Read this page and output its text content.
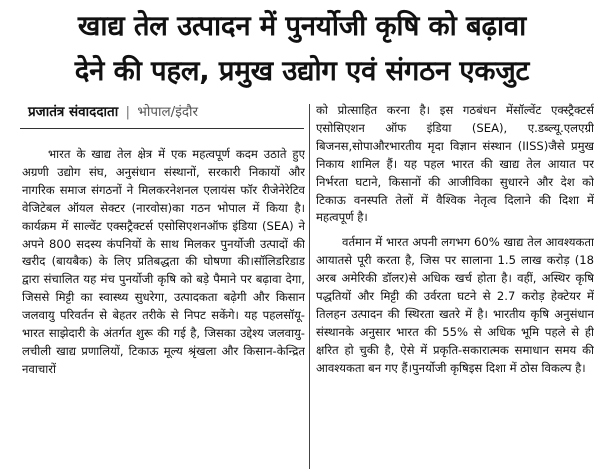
खाद्य तेल उत्पादन में पुनर्योजी कृषि को बढ़ावा
देने की पहल, प्रमुख उद्योग एवं संगठन एकजुट
प्रजातंत्र संवाददाता | भोपाल/इंदौर

भारत के खाद्य तेल क्षेत्र में एक महत्वपूर्ण कदम उठाते हुए अग्रणी उद्योग संघ, अनुसंधान संस्थानों, सरकारी निकायों और नागरिक समाज संगठनों ने मिलकरनेशनल एलायंस फॉर रीजेनेरेटिव वेजिटेबल ऑयल सेक्टर (नारवोस)का गठन भोपाल में किया है।कार्यक्रम में साल्वेंट एक्सट्रैक्टर्स एसोसिएशनऑफ इंडिया (SEA) ने अपने 800 सदस्य कंपनियों के साथ मिलकर पुनर्योजी उत्पादों की खरीद (बायबैक) के लिए प्रतिबद्धता की घोषणा की।सॉलिडरिडाड द्वारा संचालित यह मंच पुनर्योजी कृषि को बड़े पैमाने पर बढ़ावा देगा, जिससे मिट्टी का स्वास्थ्य सुधरेगा, उत्पादकता बढ़ेगी और किसान जलवायु परिवर्तन से बेहतर तरीके से निपट सकेंगे। यह पहलसॉयू-भारत साझेदारी के अंतर्गत शुरू की गई है, जिसका उद्देश्य जलवायु-लचीली खाद्य प्रणालियों, टिकाऊ मूल्य श्रृंखला और किसान-केन्द्रित नवाचारों

को प्रोत्साहित करना है। इस गठबंधन मेंसॉल्वेंट एक्स्ट्रैक्टर्स एसोसिएशन ऑफ इंडिया (SEA), ए.डब्ल्यू.एलएग्री बिजनस,सोपाऔरभारतीय मृदा विज्ञान संस्थान (IISS)जैसे प्रमुख निकाय शामिल हैं। यह पहल भारत की खाद्य तेल आयात पर निर्भरता घटाने, किसानों की आजीविका सुधारने और देश को टिकाऊ वनस्पति तेलों में वैश्विक नेतृत्व दिलाने की दिशा में महत्वपूर्ण है।

वर्तमान में भारत अपनी लगभग 60% खाद्य तेल आवश्यकता आयातसे पूरी करता है, जिस पर सालाना 1.5 लाख करोड़ (18 अरब अमेरिकी डॉलर)से अधिक खर्च होता है। वहीं, अस्थिर कृषि पद्धतियों और मिट्टी की उर्वरता घटने से 2.7 करोड़ हेक्टेयर में तिलहन उत्पादन की स्थिरता खतरे में है। भारतीय कृषि अनुसंधान संस्थानके अनुसार भारत की 55% से अधिक भूमि पहले से ही क्षरित हो चुकी है, ऐसे में प्रकृति-सकारात्मक समाधान समय की आवश्यकता बन गए हैं।पुनर्योजी कृषिइस दिशा में ठोस विकल्प है।
